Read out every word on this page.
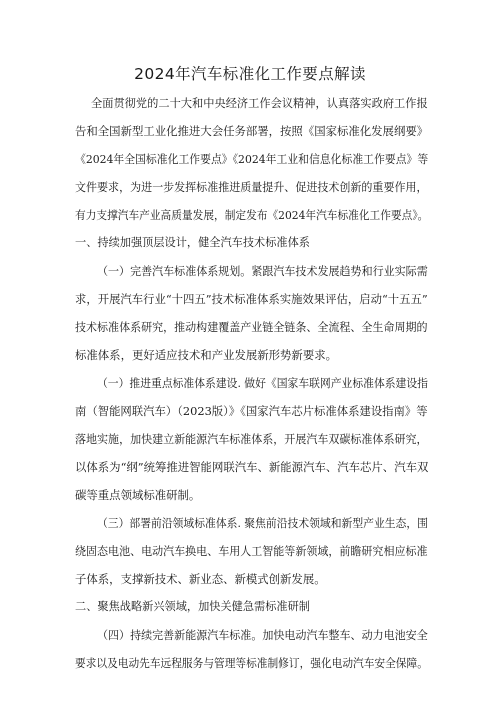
2024年汽车标准化工作要点解读
全面贯彻党的二十大和中央经济工作会议精神，认真落实政府工作报
告和全国新型工业化推进大会任务部署，按照《国家标准化发展纲要》
《2024年全国标准化工作要点》《2024年工业和信息化标准工作要点》等
文件要求，为进一步发挥标准推进质量提升、促进技术创新的重要作用，
有力支撑汽车产业高质量发展，制定发布《2024年汽车标准化工作要点》。
一、持续加强顶层设计，健全汽车技术标准体系
（一）完善汽车标准体系规划。紧跟汽车技术发展趋势和行业实际需
求，开展汽车行业“十四五”技术标准体系实施效果评估，启动“十五五”
技术标准体系研究，推动构建覆盖产业链全链条、全流程、全生命周期的
标准体系，更好适应技术和产业发展新形势新要求。
（一）推进重点标准体系建设. 做好《国家车联网产业标准体系建设指
南（智能网联汽车）（2023版）》《国家汽车芯片标准体系建设指南》等
落地实施，加快建立新能源汽车标准体系，开展汽车双碳标准体系研究，
以体系为“纲”统筹推进智能网联汽车、新能源汽车、汽车芯片、汽车双
碳等重点领域标准研制。
（三）部署前沿领域标准体系. 聚焦前沿技术领域和新型产业生态，围
绕固态电池、电动汽车换电、车用人工智能等新领域，前瞻研究相应标准
子体系，支撑新技术、新业态、新模式创新发展。
二、聚焦战略新兴领域，加快关健急需标准研制
（四）持续完善新能源汽车标准。加快电动汽车整车、动力电池安全
要求以及电动先车远程服务与管理等标准制修订，强化电动汽车安全保障。
